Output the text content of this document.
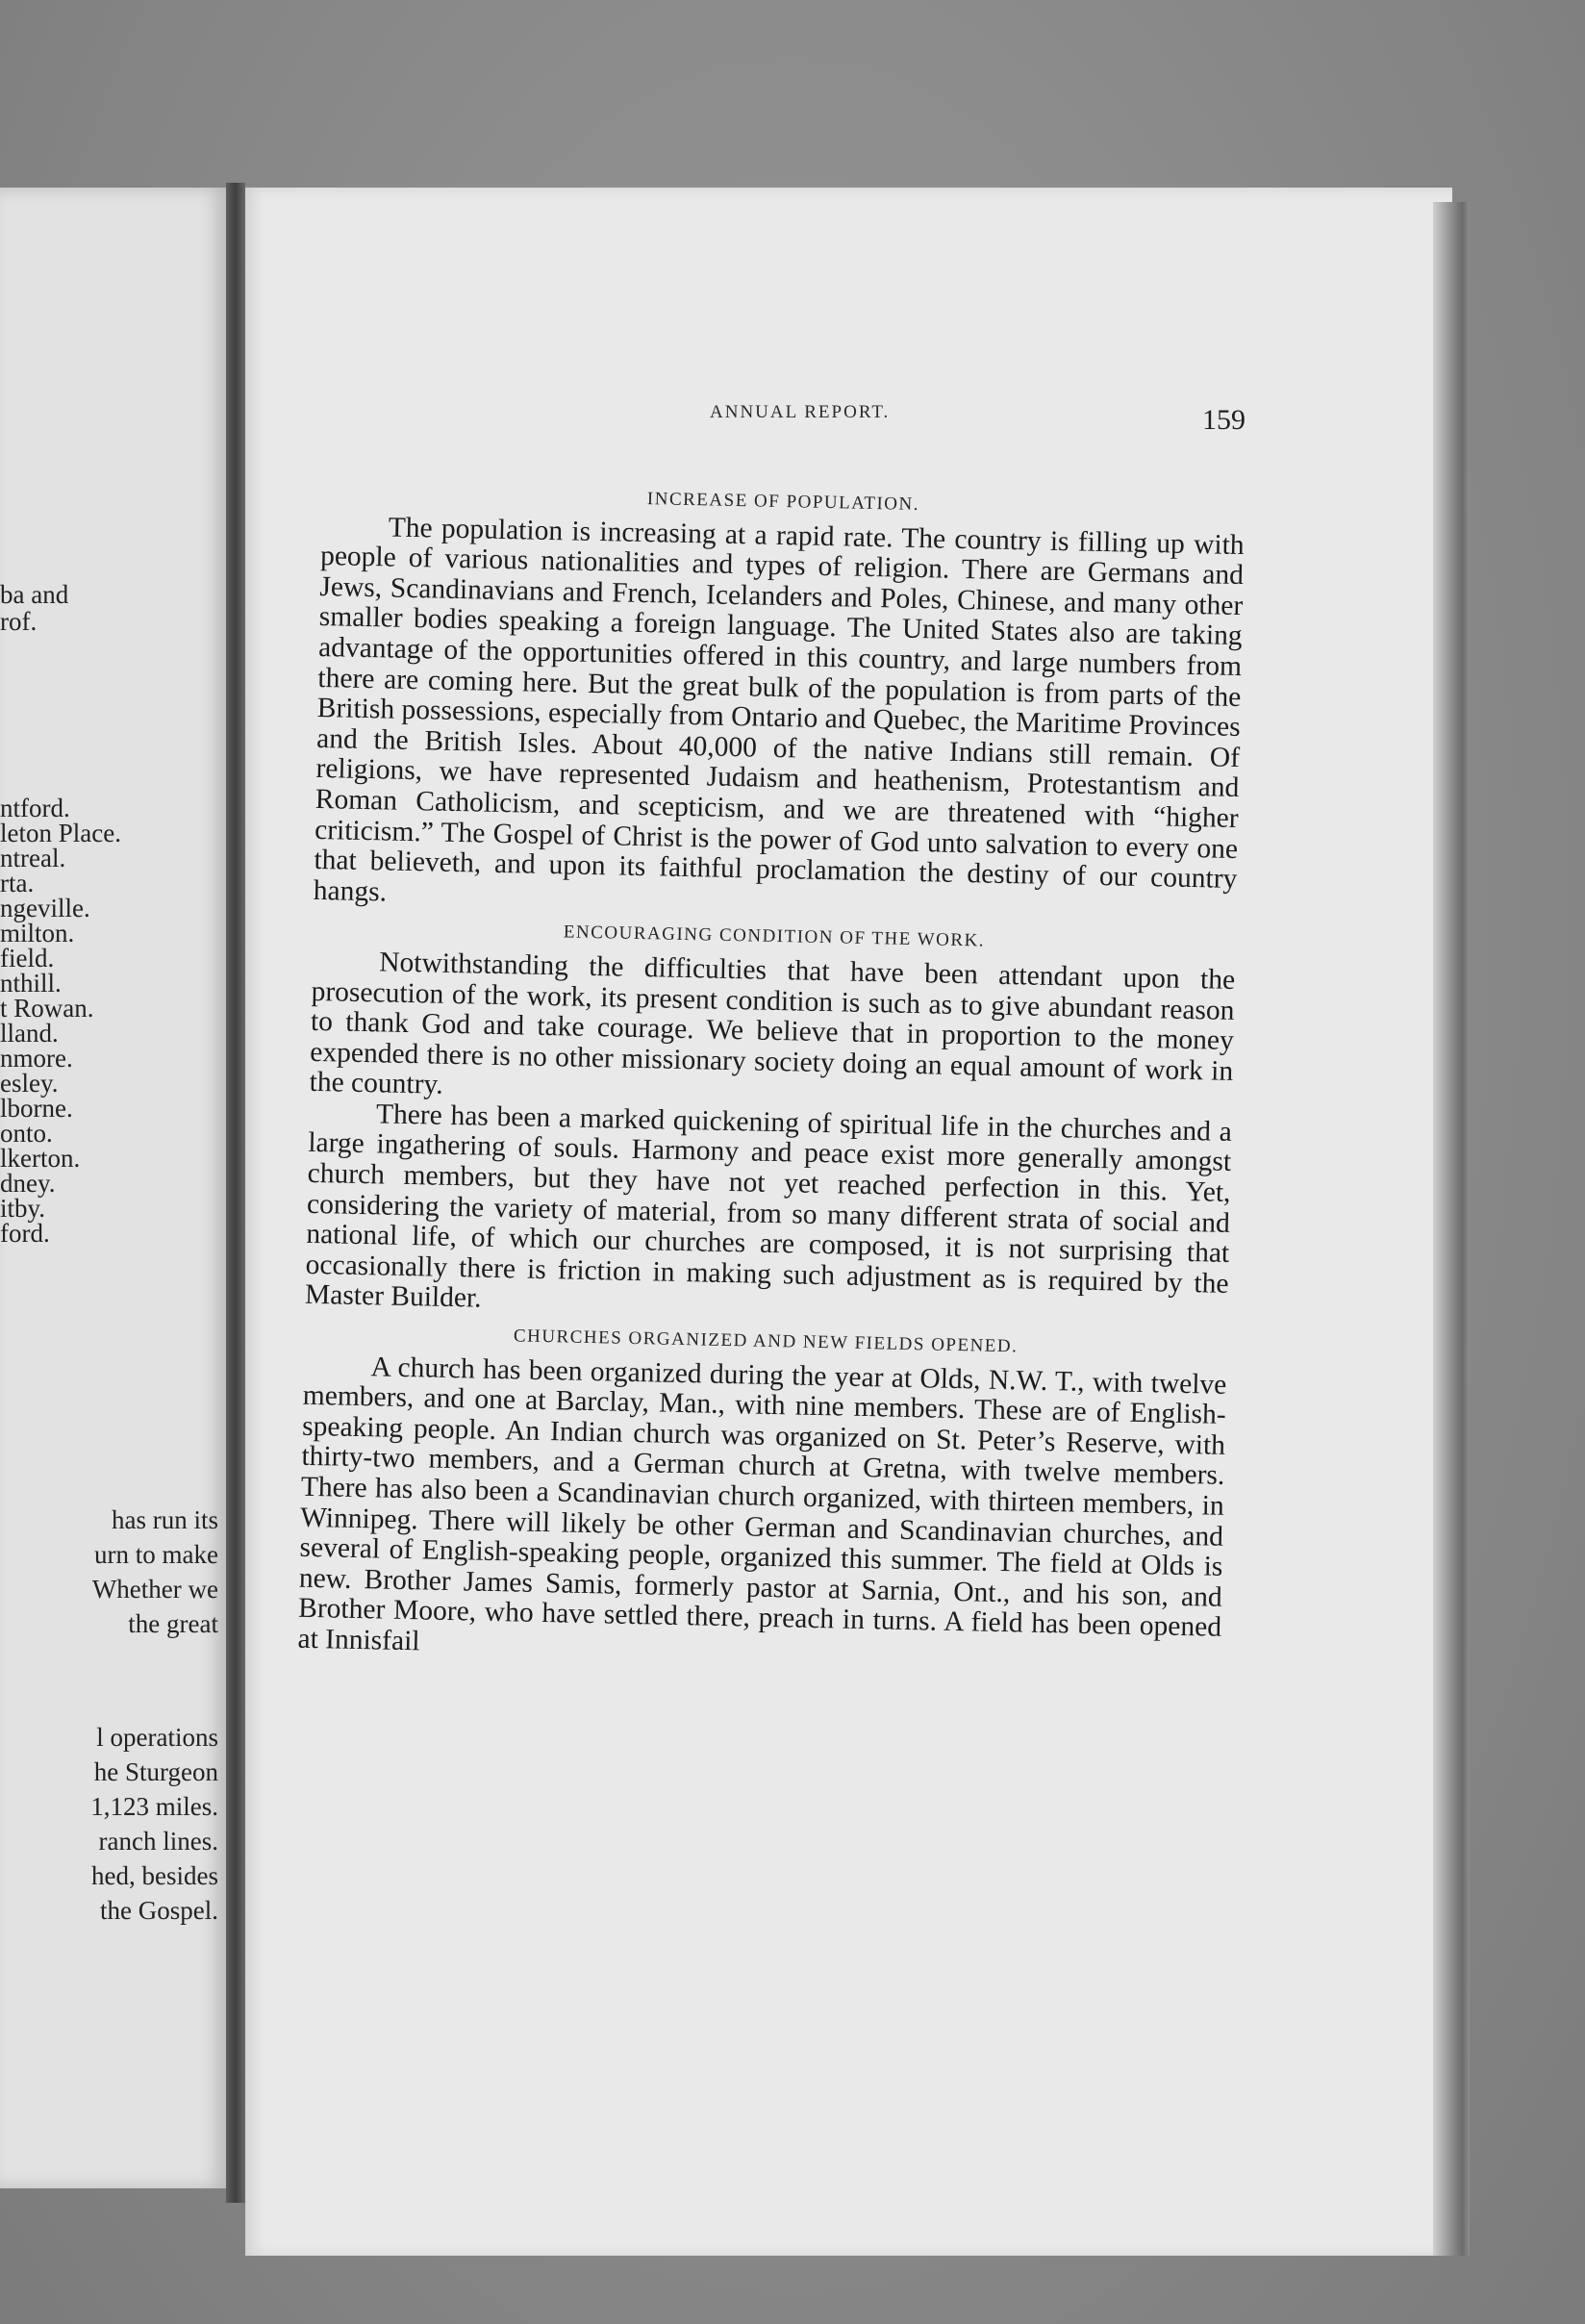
ba and

rof.

ntford.

leton Place.

ntreal.

rta.

ngeville.

milton.

field.

nthill.

t Rowan.

lland.

nmore.

esley.

lborne.

onto.

lkerton.

dney.

itby.

ford.

has run its

urn to make

Whether we

the great

l operations

he Sturgeon

1,123 miles.

ranch lines.

hed, besides

the Gospel.

ANNUAL REPORT.	159
INCREASE OF POPULATION.

The population is increasing at a rapid rate. The country is filling up with people of various nationalities and types of religion. There are Germans and Jews, Scandinavians and French, Icelanders and Poles, Chinese, and many other smaller bodies speaking a foreign language. The United States also are taking advantage of the opportunities offered in this country, and large numbers from there are coming here. But the great bulk of the population is from parts of the British possessions, especially from Ontario and Quebec, the Maritime Provinces and the British Isles. About 40,000 of the native Indians still remain. Of religions, we have represented Judaism and heathenism, Protestantism and Roman Catholicism, and scepticism, and we are threatened with “higher criticism.” The Gospel of Christ is the power of God unto salvation to every one that believeth, and upon its faithful proclamation the destiny of our country hangs.

ENCOURAGING CONDITION OF THE WORK.

Notwithstanding the difficulties that have been attendant upon the prosecution of the work, its present condition is such as to give abundant reason to thank God and take courage. We believe that in proportion to the money expended there is no other missionary society doing an equal amount of work in the country.

There has been a marked quickening of spiritual life in the churches and a large ingathering of souls. Harmony and peace exist more generally amongst church members, but they have not yet reached perfection in this. Yet, considering the variety of material, from so many different strata of social and national life, of which our churches are composed, it is not surprising that occasionally there is friction in making such adjustment as is required by the Master Builder.

CHURCHES ORGANIZED AND NEW FIELDS OPENED.

A church has been organized during the year at Olds, N.W. T., with twelve members, and one at Barclay, Man., with nine members. These are of English-speaking people. An Indian church was organized on St. Peter’s Reserve, with thirty-two members, and a German church at Gretna, with twelve members. There has also been a Scandinavian church organized, with thirteen members, in Winnipeg. There will likely be other German and Scandinavian churches, and several of English-speaking people, organized this summer. The field at Olds is new. Brother James Samis, formerly pastor at Sarnia, Ont., and his son, and Brother Moore, who have settled there, preach in turns. A field has been opened at Innisfail
